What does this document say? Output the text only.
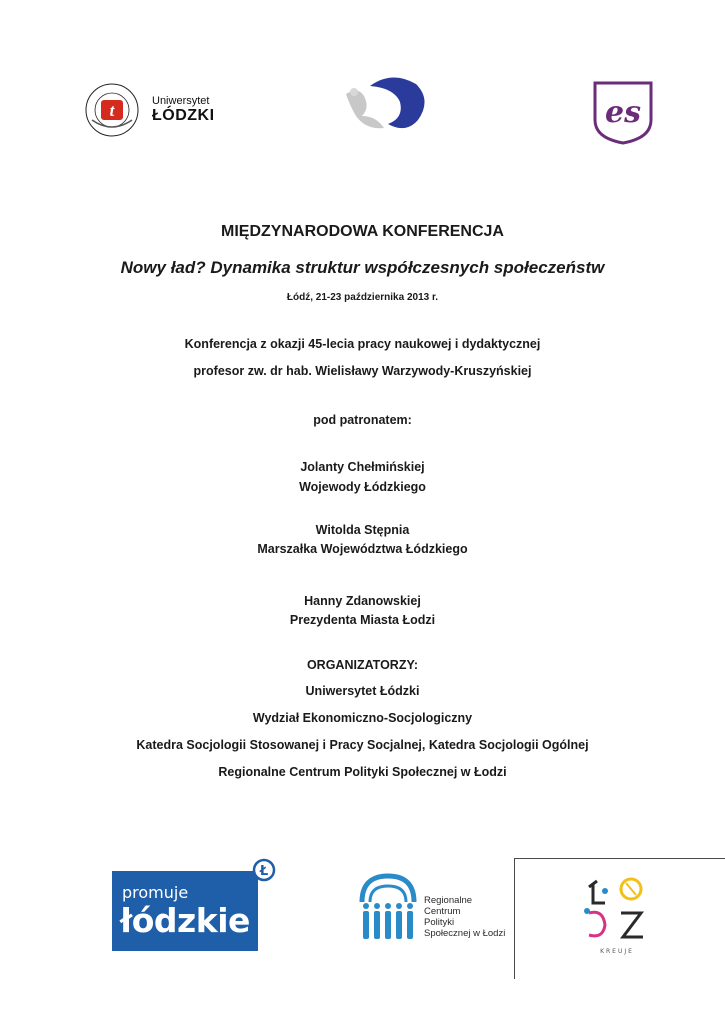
t	Uniwersytet
ŁÓDZKI	es
MIĘDZYNARODOWA KONFERENCJA
Nowy ład? Dynamika struktur współczesnych społeczeństw
Łódź, 21-23 października 2013 r.
Konferencja z okazji 45-lecia pracy naukowej i dydaktycznej
profesor zw. dr hab. Wielisławy Warzywody-Kruszyńskiej
pod patronatem:
Jolanty Chełmińskiej
Wojewody Łódzkiego
Witolda Stępnia
Marszałka Województwa Łódzkiego
Hanny Zdanowskiej
Prezydenta Miasta Łodzi
ORGANIZATORZY:
Uniwersytet Łódzki
Wydział Ekonomiczno-Socjologiczny
Katedra Socjologii Stosowanej i Pracy Socjalnej, Katedra Socjologii Ogólnej
Regionalne Centrum Polityki Społecznej w Łodzi
promuje
łódzkie
Ł
Regionalne
Centrum
Polityki
Społecznej w Łodzi
KREUJE
